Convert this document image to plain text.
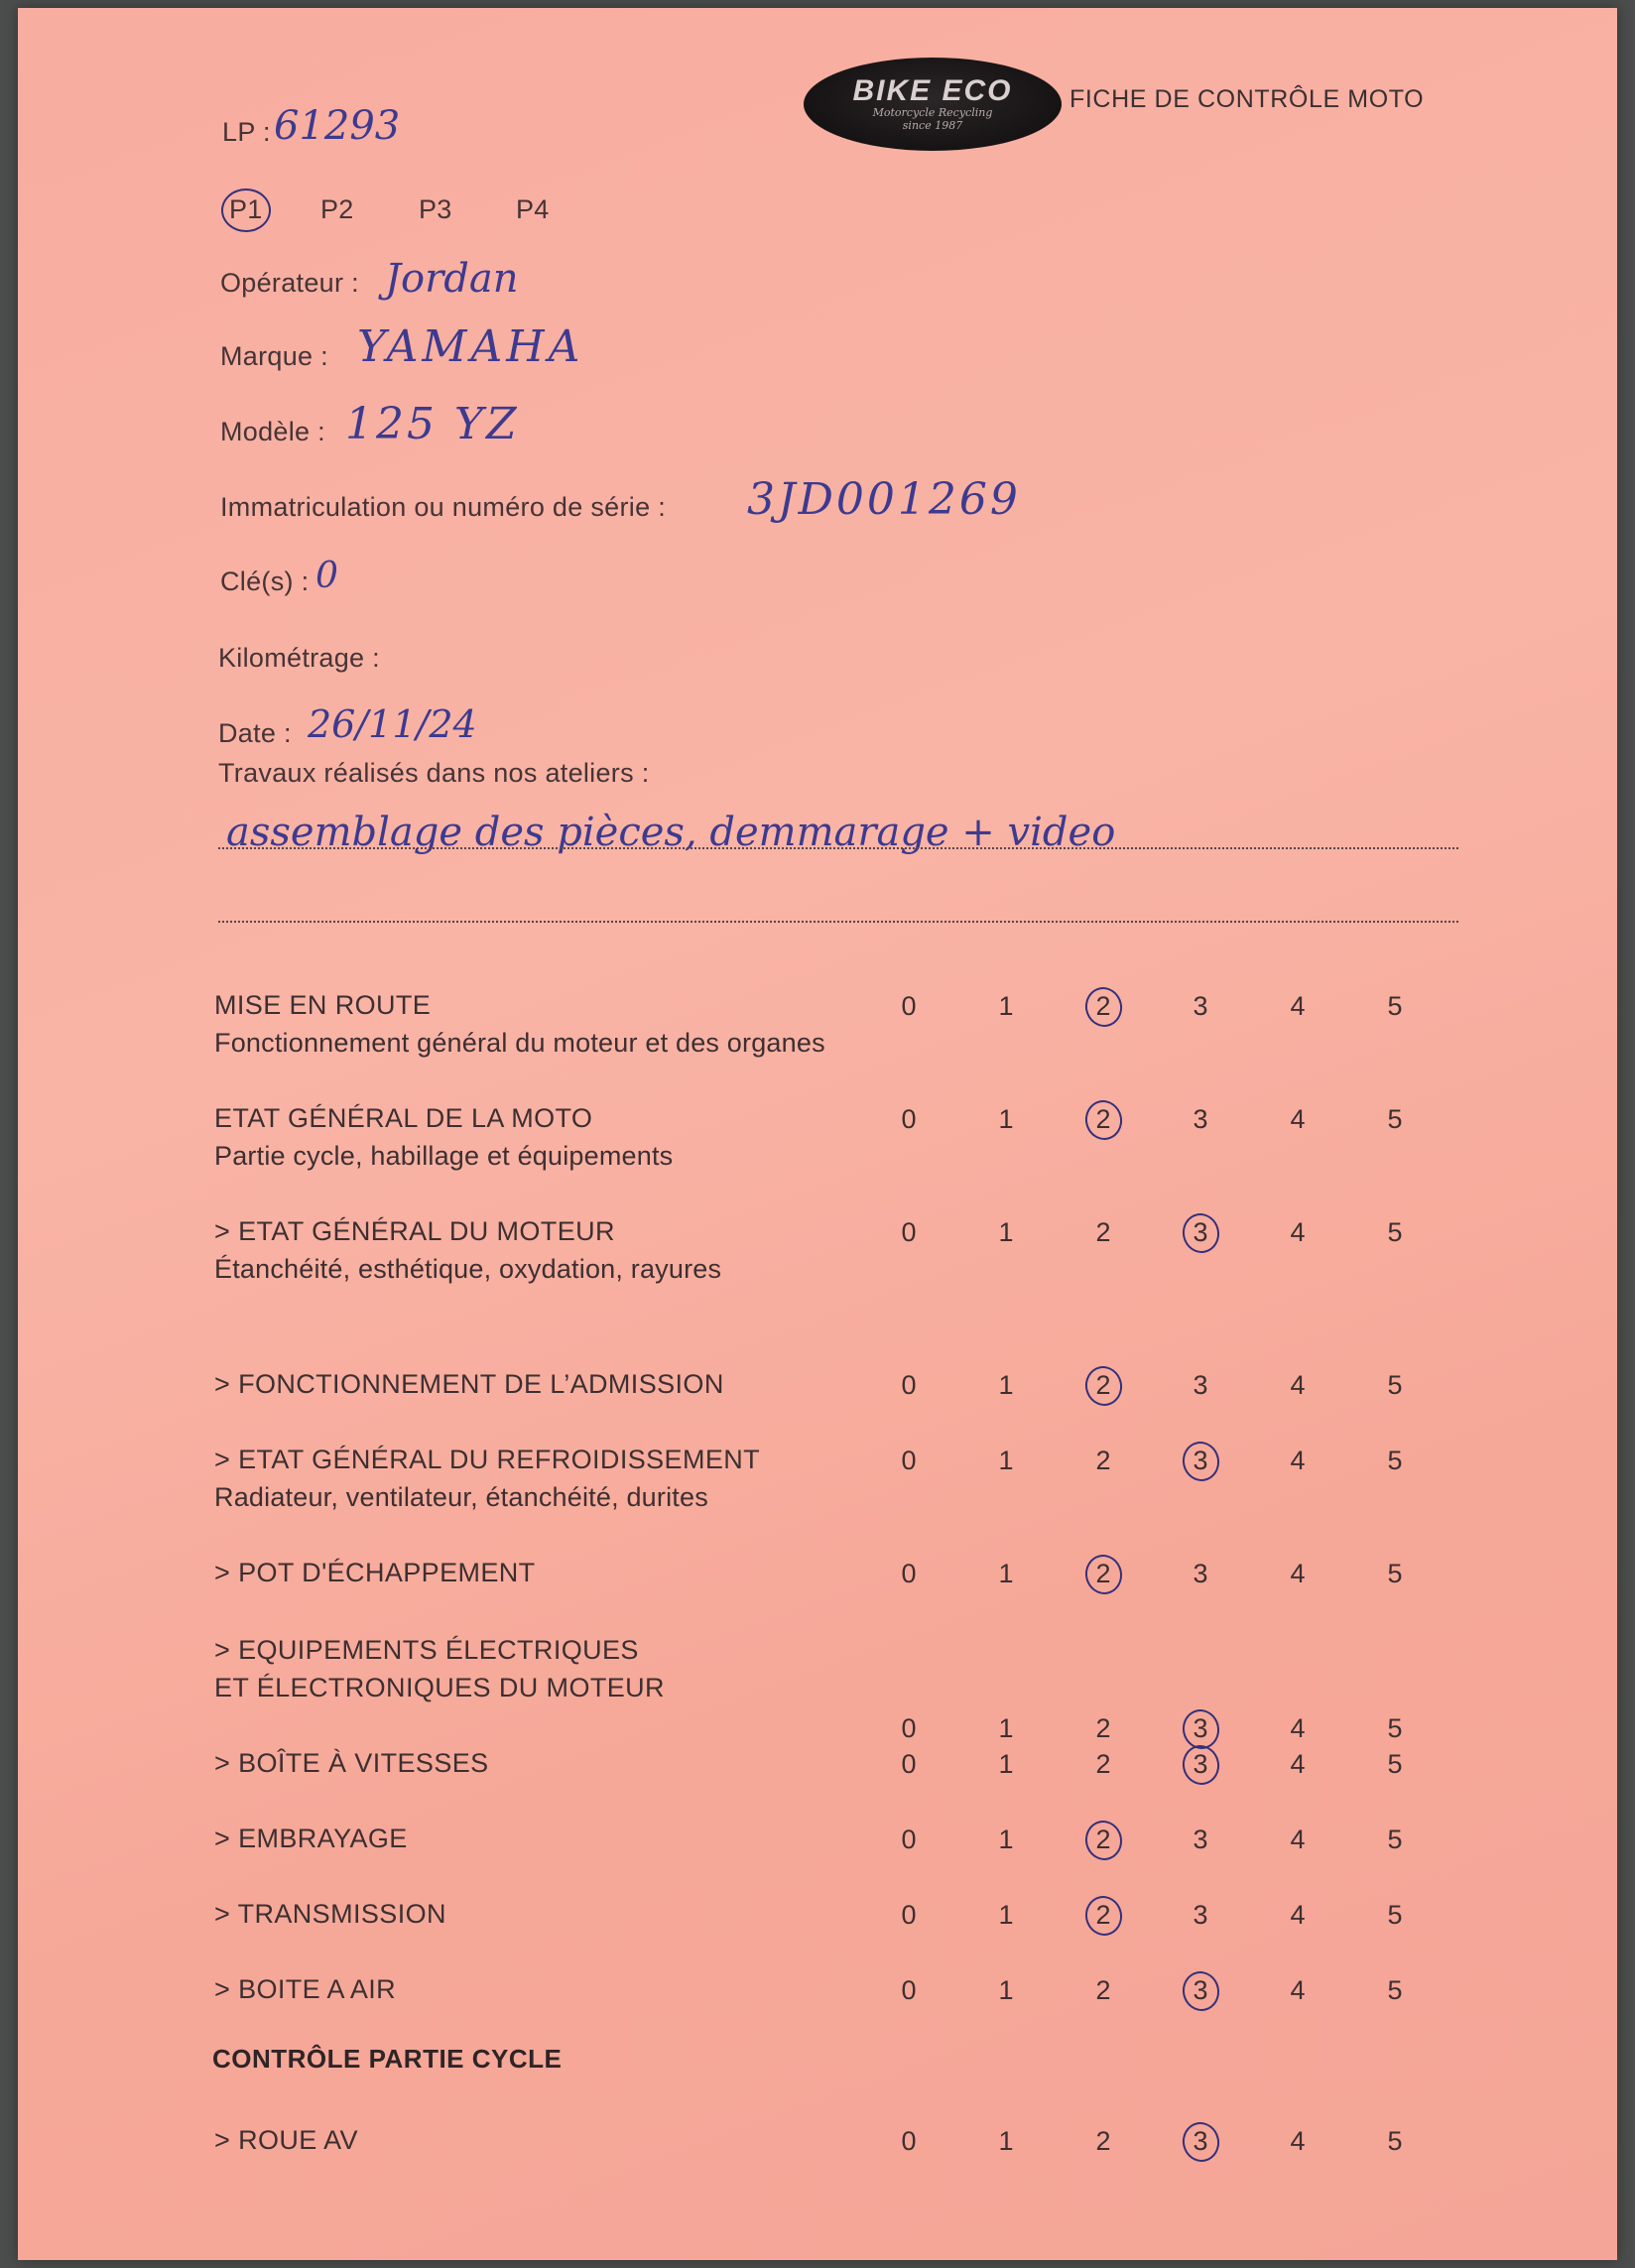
BIKE ECO
Motorcycle Recycling
since 1987
FICHE DE CONTRÔLE MOTO
LP : 61293
P1 P2 P3 P4
Opérateur : Jordan
Marque : YAMAHA
Modèle : 125 YZ
Immatriculation ou numéro de série : 3JD001269
Clé(s) : 0
Kilométrage :
Date : 26/11/24
Travaux réalisés dans nos ateliers :
assemblage des pièces, demmarage + video
MISE EN ROUTE
Fonctionnement général du moteur et des organes
0	1	2	3	4	5
ETAT GÉNÉRAL DE LA MOTO
Partie cycle, habillage et équipements
0	1	2	3	4	5
> ETAT GÉNÉRAL DU MOTEUR
Étanchéité, esthétique, oxydation, rayures
0	1	2	3	4	5
> FONCTIONNEMENT DE L’ADMISSION	0	1	2	3	4	5
> ETAT GÉNÉRAL DU REFROIDISSEMENT
Radiateur, ventilateur, étanchéité, durites
0	1	2	3	4	5
> POT D'ÉCHAPPEMENT	0	1	2	3	4	5
> EQUIPEMENTS ÉLECTRIQUES
ET ÉLECTRONIQUES DU MOTEUR
0	1	2	3	4	5
> BOÎTE À VITESSES	0	1	2	3	4	5
> EMBRAYAGE	0	1	2	3	4	5
> TRANSMISSION	0	1	2	3	4	5
> BOITE A AIR	0	1	2	3	4	5
CONTRÔLE PARTIE CYCLE
> ROUE AV	0	1	2	3	4	5
